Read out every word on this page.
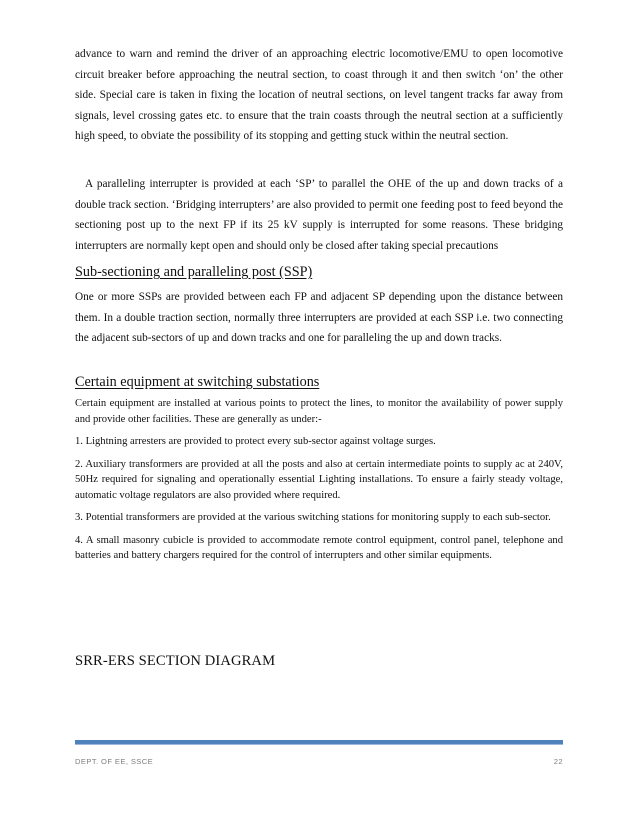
advance to warn and remind the driver of an approaching electric locomotive/EMU to open locomotive circuit breaker before approaching the neutral section, to coast through it and then switch ‘on’ the other side. Special care is taken in fixing the location of neutral sections, on level tangent tracks far away from signals, level crossing gates etc. to ensure that the train coasts through the neutral section at a sufficiently high speed, to obviate the possibility of its stopping and getting stuck within the neutral section.

A paralleling interrupter is provided at each ‘SP’ to parallel the OHE of the up and down tracks of a double track section. ‘Bridging interrupters’ are also provided to permit one feeding post to feed beyond the sectioning post up to the next FP if its 25 kV supply is interrupted for some reasons. These bridging interrupters are normally kept open and should only be closed after taking special precautions

Sub-sectioning and paralleling post (SSP)

One or more SSPs are provided between each FP and adjacent SP depending upon the distance between them. In a double traction section, normally three interrupters are provided at each SSP i.e. two connecting the adjacent sub-sectors of up and down tracks and one for paralleling the up and down tracks.

Certain equipment at switching substations

Certain equipment are installed at various points to protect the lines, to monitor the availability of power supply and provide other facilities. These are generally as under:-

1. Lightning arresters are provided to protect every sub-sector against voltage surges.

2. Auxiliary transformers are provided at all the posts and also at certain intermediate points to supply ac at 240V, 50Hz required for signaling and operationally essential Lighting installations. To ensure a fairly steady voltage, automatic voltage regulators are also provided where required.

3. Potential transformers are provided at the various switching stations for monitoring supply to each sub-sector.

4. A small masonry cubicle is provided to accommodate remote control equipment, control panel, telephone and batteries and battery chargers required for the control of interrupters and other similar equipments.

SRR-ERS SECTION DIAGRAM
DEPT. OF EE, SSCE	22
